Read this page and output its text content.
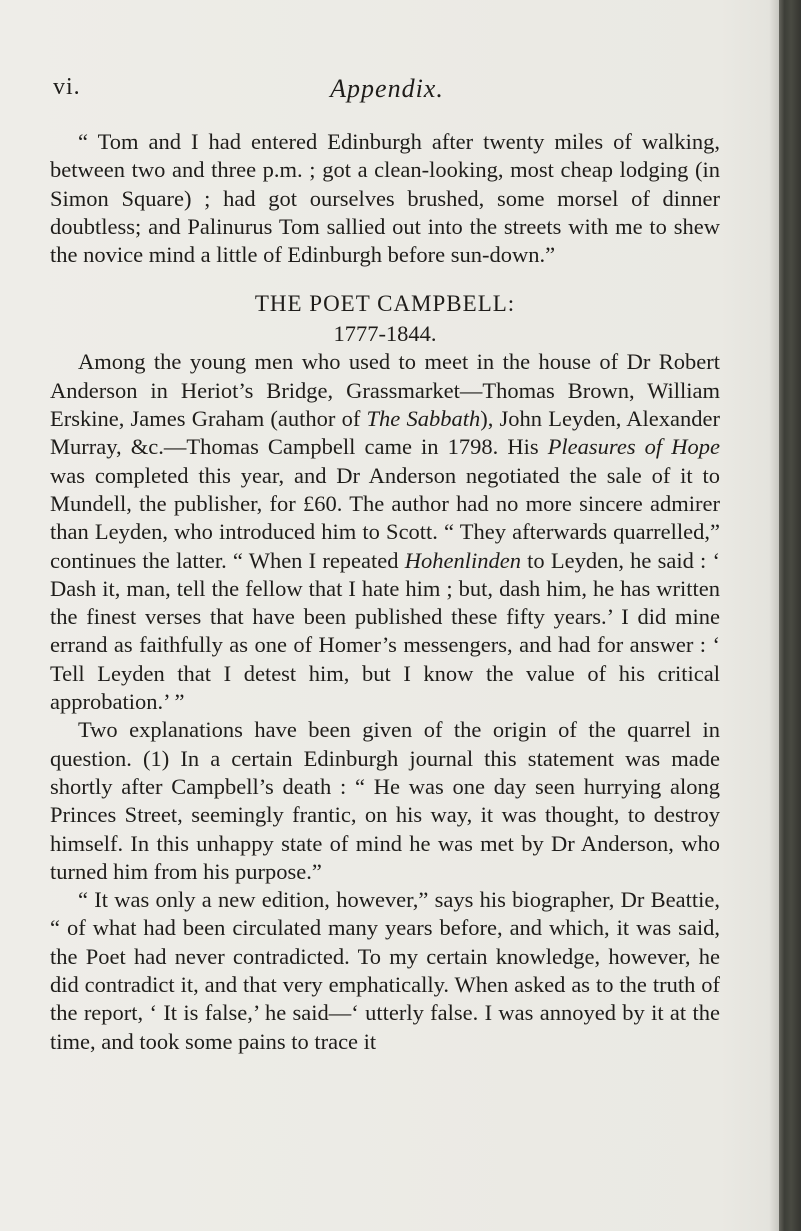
vi.	Appendix.

“ Tom and I had entered Edinburgh after twenty miles of walking, between two and three p.m. ; got a clean-looking, most cheap lodging (in Simon Square) ; had got ourselves brushed, some morsel of dinner doubtless; and Palinurus Tom sallied out into the streets with me to shew the novice mind a little of Edinburgh before sun-down.”

THE POET CAMPBELL:
1777-1844.

Among the young men who used to meet in the house of Dr Robert Anderson in Heriot’s Bridge, Grassmarket—Thomas Brown, William Erskine, James Graham (author of The Sabbath), John Leyden, Alexander Murray, &c.—Thomas Campbell came in 1798. His Pleasures of Hope was completed this year, and Dr Anderson negotiated the sale of it to Mundell, the publisher, for £60. The author had no more sincere admirer than Leyden, who introduced him to Scott. “ They afterwards quarrelled,” continues the latter. “ When I repeated Hohenlinden to Leyden, he said : ‘ Dash it, man, tell the fellow that I hate him ; but, dash him, he has written the finest verses that have been published these fifty years.’ I did mine errand as faithfully as one of Homer’s messengers, and had for answer : ‘ Tell Leyden that I detest him, but I know the value of his critical approbation.’ ”

Two explanations have been given of the origin of the quarrel in question. (1) In a certain Edinburgh journal this statement was made shortly after Campbell’s death : “ He was one day seen hurrying along Princes Street, seemingly frantic, on his way, it was thought, to destroy himself. In this unhappy state of mind he was met by Dr Anderson, who turned him from his purpose.”

“ It was only a new edition, however,” says his biographer, Dr Beattie, “ of what had been circulated many years before, and which, it was said, the Poet had never contradicted. To my certain knowledge, however, he did contradict it, and that very emphatically. When asked as to the truth of the report, ‘ It is false,’ he said—‘ utterly false. I was annoyed by it at the time, and took some pains to trace it
